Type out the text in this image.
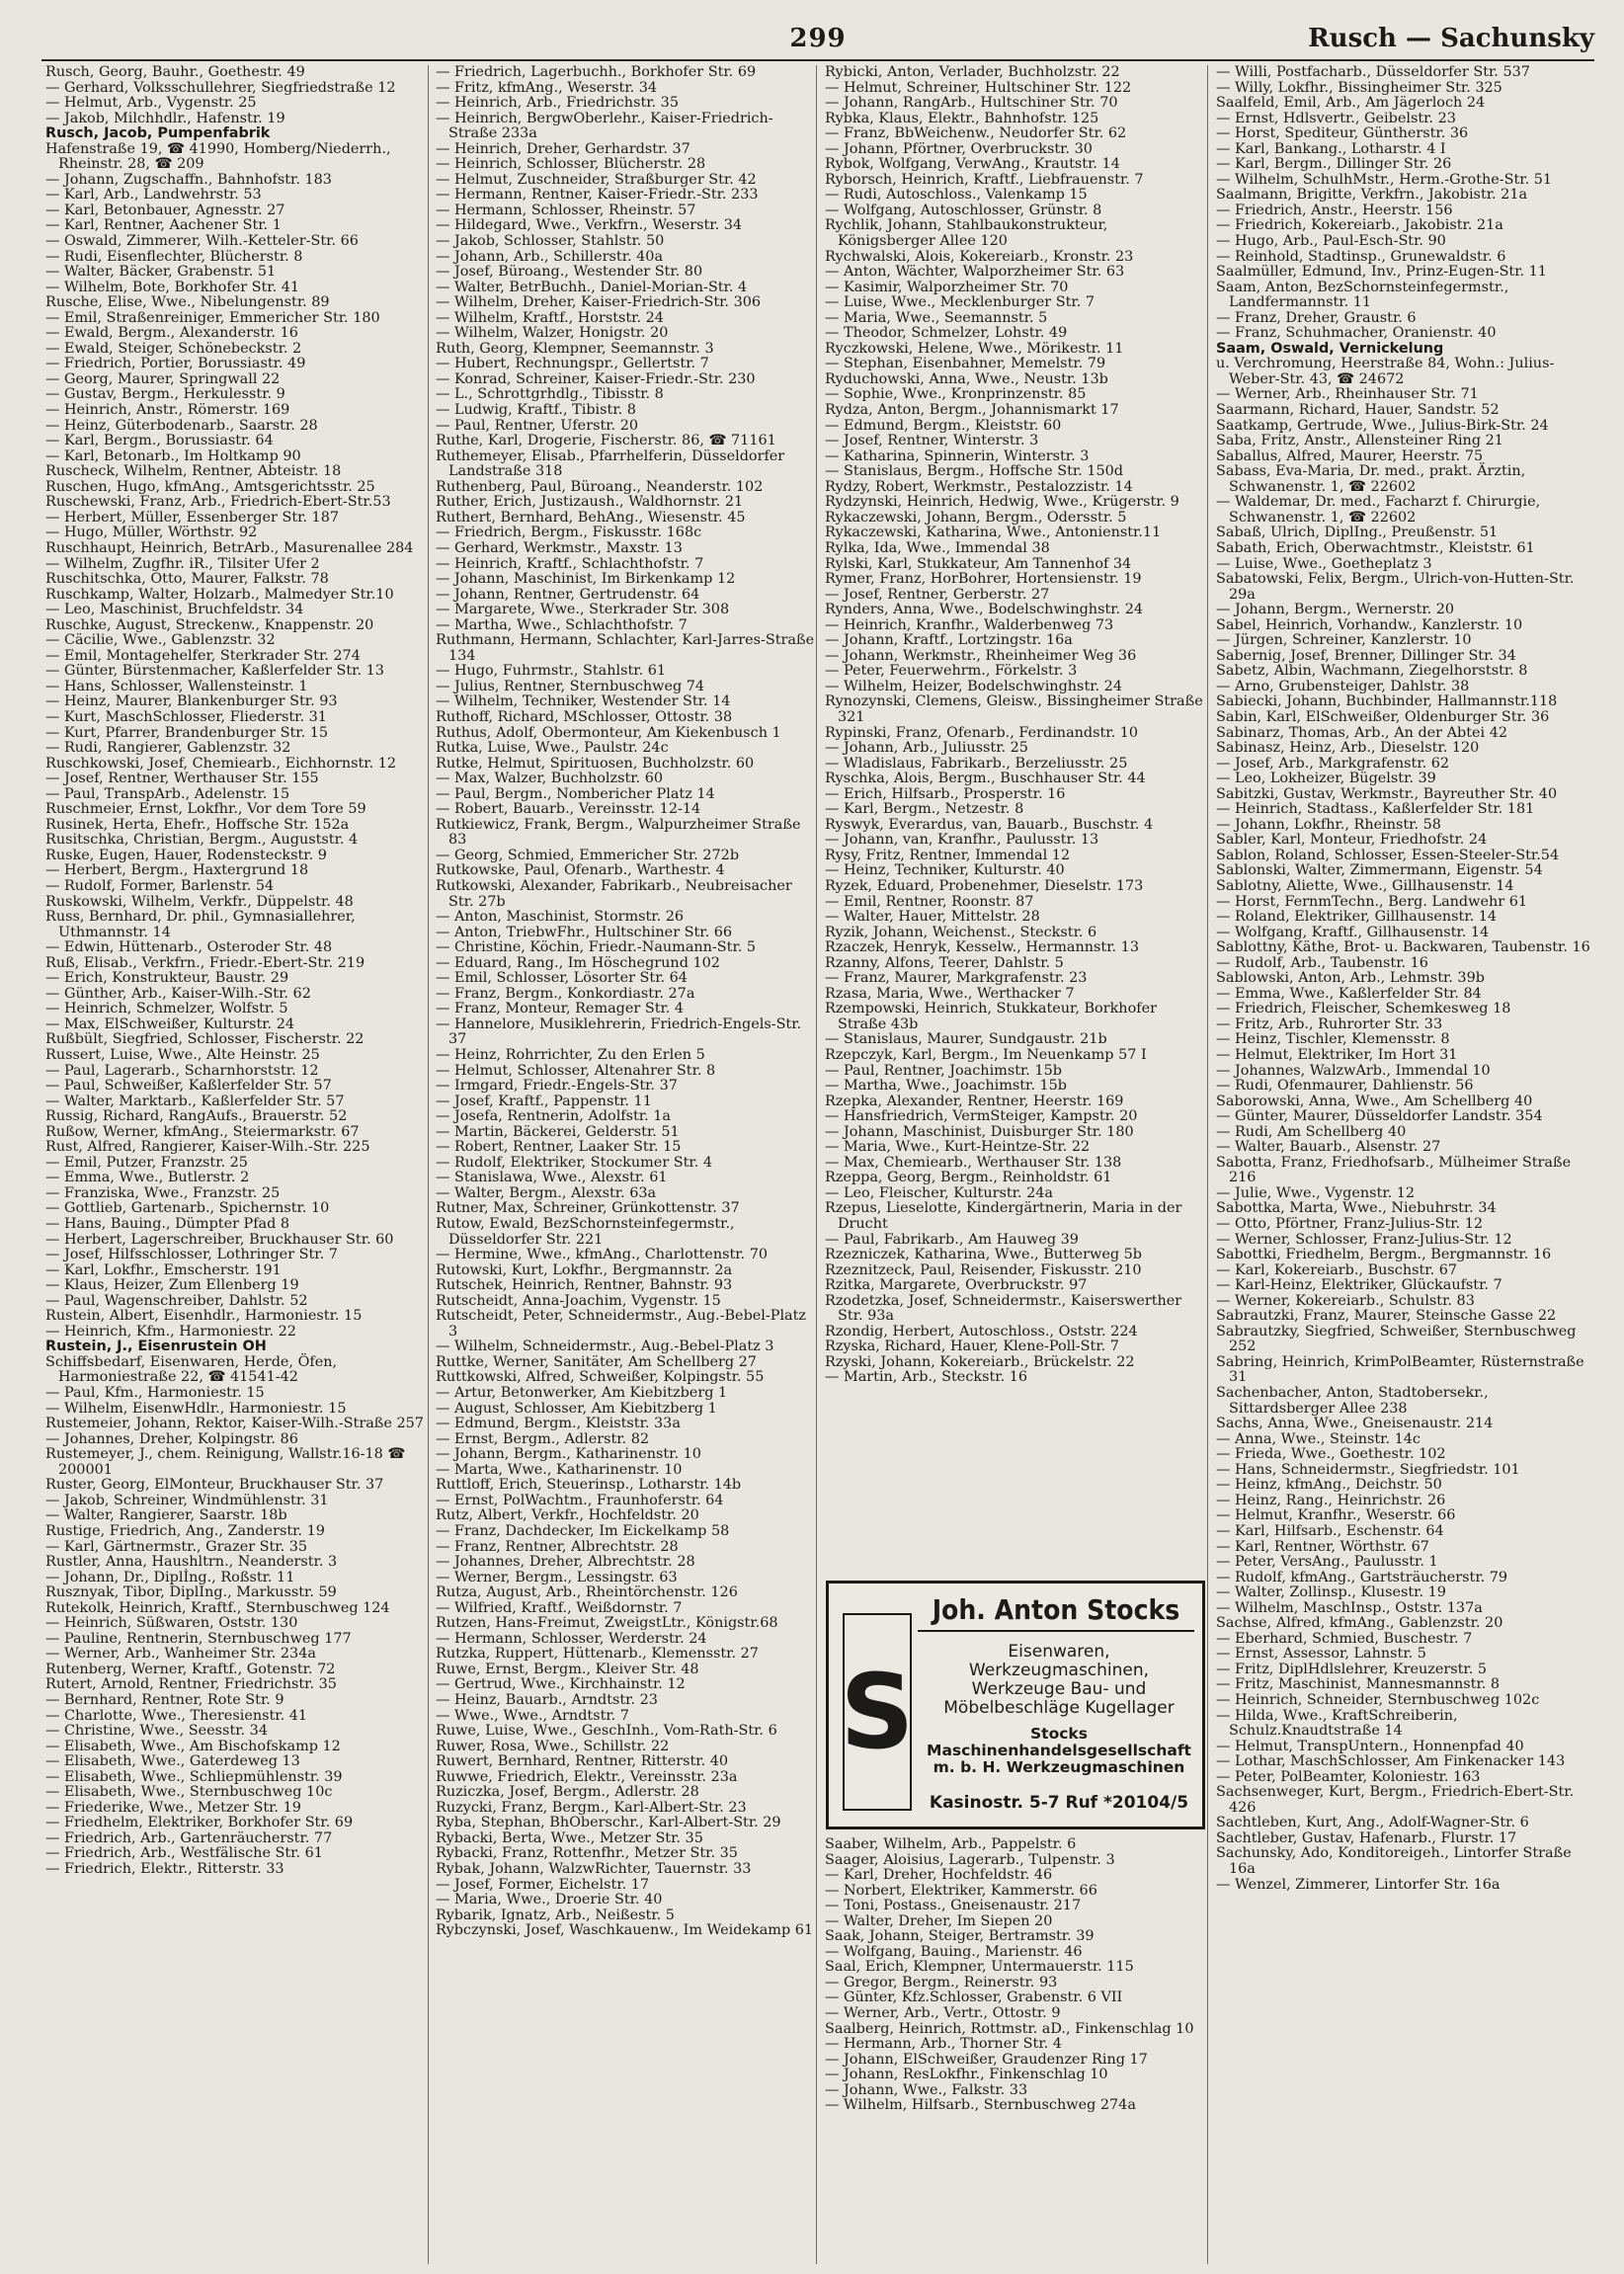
299	Rusch — Sachunsky
Rusch, Georg, Bauhr., Goethestr. 49
— Gerhard, Volksschullehrer, Siegfriedstraße 12
— Helmut, Arb., Vygenstr. 25
— Jakob, Milchhdlr., Hafenstr. 19
Rusch, Jacob, Pumpenfabrik
Hafenstraße 19, ☎ 41990, Homberg/Niederrh., Rheinstr. 28, ☎ 209
— Johann, Zugschaffn., Bahnhofstr. 183
— Karl, Arb., Landwehrstr. 53
— Karl, Betonbauer, Agnesstr. 27
— Karl, Rentner, Aachener Str. 1
— Oswald, Zimmerer, Wilh.-Ketteler-Str. 66
— Rudi, Eisenflechter, Blücherstr. 8
— Walter, Bäcker, Grabenstr. 51
— Wilhelm, Bote, Borkhofer Str. 41
Rusche, Elise, Wwe., Nibelungenstr. 89
— Emil, Straßenreiniger, Emmericher Str. 180
— Ewald, Bergm., Alexanderstr. 16
— Ewald, Steiger, Schönebeckstr. 2
— Friedrich, Portier, Borussiastr. 49
— Georg, Maurer, Springwall 22
— Gustav, Bergm., Herkulesstr. 9
— Heinrich, Anstr., Römerstr. 169
— Heinz, Güterbodenarb., Saarstr. 28
— Karl, Bergm., Borussiastr. 64
— Karl, Betonarb., Im Holtkamp 90
Ruscheck, Wilhelm, Rentner, Abteistr. 18
Ruschen, Hugo, kfmAng., Amtsgerichtsstr. 25
Ruschewski, Franz, Arb., Friedrich-Ebert-Str.53
— Herbert, Müller, Essenberger Str. 187
— Hugo, Müller, Wörthstr. 92
Ruschhaupt, Heinrich, BetrArb., Masurenallee 284
— Wilhelm, Zugfhr. iR., Tilsiter Ufer 2
Ruschitschka, Otto, Maurer, Falkstr. 78
Ruschkamp, Walter, Holzarb., Malmedyer Str.10
— Leo, Maschinist, Bruchfeldstr. 34
Ruschke, August, Streckenw., Knappenstr. 20
— Cäcilie, Wwe., Gablenzstr. 32
— Emil, Montagehelfer, Sterkrader Str. 274
— Günter, Bürstenmacher, Kaßlerfelder Str. 13
— Hans, Schlosser, Wallensteinstr. 1
— Heinz, Maurer, Blankenburger Str. 93
— Kurt, MaschSchlosser, Fliederstr. 31
— Kurt, Pfarrer, Brandenburger Str. 15
— Rudi, Rangierer, Gablenzstr. 32
Ruschkowski, Josef, Chemiearb., Eichhornstr. 12
— Josef, Rentner, Werthauser Str. 155
— Paul, TranspArb., Adelenstr. 15
Ruschmeier, Ernst, Lokfhr., Vor dem Tore 59
Rusinek, Herta, Ehefr., Hoffsche Str. 152a
Rusitschka, Christian, Bergm., Auguststr. 4
Ruske, Eugen, Hauer, Rodensteckstr. 9
— Herbert, Bergm., Haxtergrund 18
— Rudolf, Former, Barlenstr. 54
Ruskowski, Wilhelm, Verkfr., Düppelstr. 48
Russ, Bernhard, Dr. phil., Gymnasiallehrer, Uthmannstr. 14
— Edwin, Hüttenarb., Osteroder Str. 48
Ruß, Elisab., Verkfrn., Friedr.-Ebert-Str. 219
— Erich, Konstrukteur, Baustr. 29
— Günther, Arb., Kaiser-Wilh.-Str. 62
— Heinrich, Schmelzer, Wolfstr. 5
— Max, ElSchweißer, Kulturstr. 24
Rußbült, Siegfried, Schlosser, Fischerstr. 22
Russert, Luise, Wwe., Alte Heinstr. 25
— Paul, Lagerarb., Scharnhorststr. 12
— Paul, Schweißer, Kaßlerfelder Str. 57
— Walter, Marktarb., Kaßlerfelder Str. 57
Russig, Richard, RangAufs., Brauerstr. 52
Rußow, Werner, kfmAng., Steiermarkstr. 67
Rust, Alfred, Rangierer, Kaiser-Wilh.-Str. 225
— Emil, Putzer, Franzstr. 25
— Emma, Wwe., Butlerstr. 2
— Franziska, Wwe., Franzstr. 25
— Gottlieb, Gartenarb., Spichernstr. 10
— Hans, Bauing., Dümpter Pfad 8
— Herbert, Lagerschreiber, Bruckhauser Str. 60
— Josef, Hilfsschlosser, Lothringer Str. 7
— Karl, Lokfhr., Emscherstr. 191
— Klaus, Heizer, Zum Ellenberg 19
— Paul, Wagenschreiber, Dahlstr. 52
Rustein, Albert, Eisenhdlr., Harmoniestr. 15
— Heinrich, Kfm., Harmoniestr. 22
Rustein, J., Eisenrustein OH
Schiffsbedarf, Eisenwaren, Herde, Öfen, Harmoniestraße 22, ☎ 41541-42
— Paul, Kfm., Harmoniestr. 15
— Wilhelm, EisenwHdlr., Harmoniestr. 15
Rustemeier, Johann, Rektor, Kaiser-Wilh.-Straße 257
— Johannes, Dreher, Kolpingstr. 86
Rustemeyer, J., chem. Reinigung, Wallstr.16-18 ☎ 200001
Ruster, Georg, ElMonteur, Bruckhauser Str. 37
— Jakob, Schreiner, Windmühlenstr. 31
— Walter, Rangierer, Saarstr. 18b
Rustige, Friedrich, Ang., Zanderstr. 19
— Karl, Gärtnermstr., Grazer Str. 35
Rustler, Anna, Haushltrn., Neanderstr. 3
— Johann, Dr., Diplİng., Roßstr. 11
Rusznyak, Tibor, DiplIng., Markusstr. 59
Rutekolk, Heinrich, Kraftf., Sternbuschweg 124
— Heinrich, Süßwaren, Oststr. 130
— Pauline, Rentnerin, Sternbuschweg 177
— Werner, Arb., Wanheimer Str. 234a
Rutenberg, Werner, Kraftf., Gotenstr. 72
Rutert, Arnold, Rentner, Friedrichstr. 35
— Bernhard, Rentner, Rote Str. 9
— Charlotte, Wwe., Theresienstr. 41
— Christine, Wwe., Seesstr. 34
— Elisabeth, Wwe., Am Bischofskamp 12
— Elisabeth, Wwe., Gaterdeweg 13
— Elisabeth, Wwe., Schliepmühlenstr. 39
— Elisabeth, Wwe., Sternbuschweg 10c
— Friederike, Wwe., Metzer Str. 19
— Friedhelm, Elektriker, Borkhofer Str. 69
— Friedrich, Arb., Gartenräucherstr. 77
— Friedrich, Arb., Westfälische Str. 61
— Friedrich, Elektr., Ritterstr. 33
— Friedrich, Lagerbuchh., Borkhofer Str. 69
— Fritz, kfmAng., Weserstr. 34
— Heinrich, Arb., Friedrichstr. 35
— Heinrich, BergwOberlehr., Kaiser-Friedrich-Straße 233a
— Heinrich, Dreher, Gerhardstr. 37
— Heinrich, Schlosser, Blücherstr. 28
— Helmut, Zuschneider, Straßburger Str. 42
— Hermann, Rentner, Kaiser-Friedr.-Str. 233
— Hermann, Schlosser, Rheinstr. 57
— Hildegard, Wwe., Verkfrn., Weserstr. 34
— Jakob, Schlosser, Stahlstr. 50
— Johann, Arb., Schillerstr. 40a
— Josef, Büroang., Westender Str. 80
— Walter, BetrBuchh., Daniel-Morian-Str. 4
— Wilhelm, Dreher, Kaiser-Friedrich-Str. 306
— Wilhelm, Kraftf., Horststr. 24
— Wilhelm, Walzer, Honigstr. 20
Ruth, Georg, Klempner, Seemannstr. 3
— Hubert, Rechnungspr., Gellertstr. 7
— Konrad, Schreiner, Kaiser-Friedr.-Str. 230
— L., Schrottgrhdlg., Tibisstr. 8
— Ludwig, Kraftf., Tibistr. 8
— Paul, Rentner, Uferstr. 20
Ruthe, Karl, Drogerie, Fischerstr. 86, ☎ 71161
Ruthemeyer, Elisab., Pfarrhelferin, Düsseldorfer Landstraße 318
Ruthenberg, Paul, Büroang., Neanderstr. 102
Ruther, Erich, Justizaush., Waldhornstr. 21
Ruthert, Bernhard, BehAng., Wiesenstr. 45
— Friedrich, Bergm., Fiskusstr. 168c
— Gerhard, Werkmstr., Maxstr. 13
— Heinrich, Kraftf., Schlachthofstr. 7
— Johann, Maschinist, Im Birkenkamp 12
— Johann, Rentner, Gertrudenstr. 64
— Margarete, Wwe., Sterkrader Str. 308
— Martha, Wwe., Schlachthofstr. 7
Ruthmann, Hermann, Schlachter, Karl-Jarres-Straße 134
— Hugo, Fuhrmstr., Stahlstr. 61
— Julius, Rentner, Sternbuschweg 74
— Wilhelm, Techniker, Westender Str. 14
Ruthoff, Richard, MSchlosser, Ottostr. 38
Ruthus, Adolf, Obermonteur, Am Kiekenbusch 1
Rutka, Luise, Wwe., Paulstr. 24c
Rutke, Helmut, Spirituosen, Buchholzstr. 60
— Max, Walzer, Buchholzstr. 60
— Paul, Bergm., Nombericher Platz 14
— Robert, Bauarb., Vereinsstr. 12-14
Rutkiewicz, Frank, Bergm., Walpurzheimer Straße 83
— Georg, Schmied, Emmericher Str. 272b
Rutkowske, Paul, Ofenarb., Warthestr. 4
Rutkowski, Alexander, Fabrikarb., Neubreisacher Str. 27b
— Anton, Maschinist, Stormstr. 26
— Anton, TriebwFhr., Hultschiner Str. 66
— Christine, Köchin, Friedr.-Naumann-Str. 5
— Eduard, Rang., Im Höschegrund 102
— Emil, Schlosser, Lösorter Str. 64
— Franz, Bergm., Konkordiastr. 27a
— Franz, Monteur, Remager Str. 4
— Hannelore, Musiklehrerin, Friedrich-Engels-Str. 37
— Heinz, Rohrrichter, Zu den Erlen 5
— Helmut, Schlosser, Altenahrer Str. 8
— Irmgard, Friedr.-Engels-Str. 37
— Josef, Kraftf., Pappenstr. 11
— Josefa, Rentnerin, Adolfstr. 1a
— Martin, Bäckerei, Gelderstr. 51
— Robert, Rentner, Laaker Str. 15
— Rudolf, Elektriker, Stockumer Str. 4
— Stanislawa, Wwe., Alexstr. 61
— Walter, Bergm., Alexstr. 63a
Rutner, Max, Schreiner, Grünkottenstr. 37
Rutow, Ewald, BezSchornsteinfegermstr., Düsseldorfer Str. 221
— Hermine, Wwe., kfmAng., Charlottenstr. 70
Rutowski, Kurt, Lokfhr., Bergmannstr. 2a
Rutschek, Heinrich, Rentner, Bahnstr. 93
Rutscheidt, Anna-Joachim, Vygenstr. 15
Rutscheidt, Peter, Schneidermstr., Aug.-Bebel-Platz 3
— Wilhelm, Schneidermstr., Aug.-Bebel-Platz 3
Ruttke, Werner, Sanitäter, Am Schellberg 27
Ruttkowski, Alfred, Schweißer, Kolpingstr. 55
— Artur, Betonwerker, Am Kiebitzberg 1
— August, Schlosser, Am Kiebitzberg 1
— Edmund, Bergm., Kleiststr. 33a
— Ernst, Bergm., Adlerstr. 82
— Johann, Bergm., Katharinenstr. 10
— Marta, Wwe., Katharinenstr. 10
Ruttloff, Erich, Steuerinsp., Lotharstr. 14b
— Ernst, PolWachtm., Fraunhoferstr. 64
Rutz, Albert, Verkfr., Hochfeldstr. 20
— Franz, Dachdecker, Im Eickelkamp 58
— Franz, Rentner, Albrechtstr. 28
— Johannes, Dreher, Albrechtstr. 28
— Werner, Bergm., Lessingstr. 63
Rutza, August, Arb., Rheintörchenstr. 126
— Wilfried, Kraftf., Weißdornstr. 7
Rutzen, Hans-Freimut, ZweigstLtr., Königstr.68
— Hermann, Schlosser, Werderstr. 24
Rutzka, Ruppert, Hüttenarb., Klemensstr. 27
Ruwe, Ernst, Bergm., Kleiver Str. 48
— Gertrud, Wwe., Kirchhainstr. 12
— Heinz, Bauarb., Arndtstr. 23
— Wwe., Wwe., Arndtstr. 7
Ruwe, Luise, Wwe., GeschInh., Vom-Rath-Str. 6
Ruwer, Rosa, Wwe., Schillstr. 22
Ruwert, Bernhard, Rentner, Ritterstr. 40
Ruwwe, Friedrich, Elektr., Vereinsstr. 23a
Ruziczka, Josef, Bergm., Adlerstr. 28
Ruzycki, Franz, Bergm., Karl-Albert-Str. 23
Ryba, Stephan, BhOberschr., Karl-Albert-Str. 29
Rybacki, Berta, Wwe., Metzer Str. 35
Rybacki, Franz, Rottenfhr., Metzer Str. 35
Rybak, Johann, WalzwRichter, Tauernstr. 33
— Josef, Former, Eichelstr. 17
— Maria, Wwe., Droerie Str. 40
Rybarik, Ignatz, Arb., Neißestr. 5
Rybczynski, Josef, Waschkauenw., Im Weidekamp 61
Rybicki, Anton, Verlader, Buchholzstr. 22
— Helmut, Schreiner, Hultschiner Str. 122
— Johann, RangArb., Hultschiner Str. 70
Rybka, Klaus, Elektr., Bahnhofstr. 125
— Franz, BbWeichenw., Neudorfer Str. 62
— Johann, Pförtner, Overbruckstr. 30
Rybok, Wolfgang, VerwAng., Krautstr. 14
Ryborsch, Heinrich, Kraftf., Liebfrauenstr. 7
— Rudi, Autoschloss., Valenkamp 15
— Wolfgang, Autoschlosser, Grünstr. 8
Rychlik, Johann, Stahlbaukonstrukteur, Königsberger Allee 120
Rychwalski, Alois, Kokereiarb., Kronstr. 23
— Anton, Wächter, Walporzheimer Str. 63
— Kasimir, Walporzheimer Str. 70
— Luise, Wwe., Mecklenburger Str. 7
— Maria, Wwe., Seemannstr. 5
— Theodor, Schmelzer, Lohstr. 49
Ryczkowski, Helene, Wwe., Mörikestr. 11
— Stephan, Eisenbahner, Memelstr. 79
Ryduchowski, Anna, Wwe., Neustr. 13b
— Sophie, Wwe., Kronprinzenstr. 85
Rydza, Anton, Bergm., Johannismarkt 17
— Edmund, Bergm., Kleiststr. 60
— Josef, Rentner, Winterstr. 3
— Katharina, Spinnerin, Winterstr. 3
— Stanislaus, Bergm., Hoffsche Str. 150d
Rydzy, Robert, Werkmstr., Pestalozzistr. 14
Rydzynski, Heinrich, Hedwig, Wwe., Krügerstr. 9
Rykaczewski, Johann, Bergm., Odersstr. 5
Rykaczewski, Katharina, Wwe., Antonienstr.11
Rylka, Ida, Wwe., Immendal 38
Rylski, Karl, Stukkateur, Am Tannenhof 34
Rymer, Franz, HorBohrer, Hortensienstr. 19
— Josef, Rentner, Gerberstr. 27
Rynders, Anna, Wwe., Bodelschwinghstr. 24
— Heinrich, Kranfhr., Walderbenweg 73
— Johann, Kraftf., Lortzingstr. 16a
— Johann, Werkmstr., Rheinheimer Weg 36
— Peter, Feuerwehrm., Förkelstr. 3
— Wilhelm, Heizer, Bodelschwinghstr. 24
Rynozynski, Clemens, Gleisw., Bissingheimer Straße 321
Rypinski, Franz, Ofenarb., Ferdinandstr. 10
— Johann, Arb., Juliusstr. 25
— Wladislaus, Fabrikarb., Berzeliusstr. 25
Ryschka, Alois, Bergm., Buschhauser Str. 44
— Erich, Hilfsarb., Prosperstr. 16
— Karl, Bergm., Netzestr. 8
Ryswyk, Everardus, van, Bauarb., Buschstr. 4
— Johann, van, Kranfhr., Paulusstr. 13
Rysy, Fritz, Rentner, Immendal 12
— Heinz, Techniker, Kulturstr. 40
Ryzek, Eduard, Probenehmer, Dieselstr. 173
— Emil, Rentner, Roonstr. 87
— Walter, Hauer, Mittelstr. 28
Ryzik, Johann, Weichenst., Steckstr. 6
Rzaczek, Henryk, Kesselw., Hermannstr. 13
Rzanny, Alfons, Teerer, Dahlstr. 5
— Franz, Maurer, Markgrafenstr. 23
Rzasa, Maria, Wwe., Werthacker 7
Rzempowski, Heinrich, Stukkateur, Borkhofer Straße 43b
— Stanislaus, Maurer, Sundgaustr. 21b
Rzepczyk, Karl, Bergm., Im Neuenkamp 57 I
— Paul, Rentner, Joachimstr. 15b
— Martha, Wwe., Joachimstr. 15b
Rzepka, Alexander, Rentner, Heerstr. 169
— Hansfriedrich, VermSteiger, Kampstr. 20
— Johann, Maschinist, Duisburger Str. 180
— Maria, Wwe., Kurt-Heintze-Str. 22
— Max, Chemiearb., Werthauser Str. 138
Rzeppa, Georg, Bergm., Reinholdstr. 61
— Leo, Fleischer, Kulturstr. 24a
Rzepus, Lieselotte, Kindergärtnerin, Maria in der Drucht
— Paul, Fabrikarb., Am Hauweg 39
Rzezniczek, Katharina, Wwe., Butterweg 5b
Rzeznitzeck, Paul, Reisender, Fiskusstr. 210
Rzitka, Margarete, Overbruckstr. 97
Rzodetzka, Josef, Schneidermstr., Kaiserswerther Str. 93a
Rzondig, Herbert, Autoschloss., Oststr. 224
Rzyska, Richard, Hauer, Klene-Poll-Str. 7
Rzyski, Johann, Kokereiarb., Brückelstr. 22
— Martin, Arb., Steckstr. 16
Saaber, Wilhelm, Arb., Pappelstr. 6
Saager, Aloisius, Lagerarb., Tulpenstr. 3
— Karl, Dreher, Hochfeldstr. 46
— Norbert, Elektriker, Kammerstr. 66
— Toni, Postass., Gneisenaustr. 217
— Walter, Dreher, Im Siepen 20
Saak, Johann, Steiger, Bertramstr. 39
— Wolfgang, Bauing., Marienstr. 46
Saal, Erich, Klempner, Untermauerstr. 115
— Gregor, Bergm., Reinerstr. 93
— Günter, Kfz.Schlosser, Grabenstr. 6 VII
— Werner, Arb., Vertr., Ottostr. 9
Saalberg, Heinrich, Rottmstr. aD., Finkenschlag 10
— Hermann, Arb., Thorner Str. 4
— Johann, ElSchweißer, Graudenzer Ring 17
— Johann, ResLokfhr., Finkenschlag 10
— Johann, Wwe., Falkstr. 33
— Wilhelm, Hilfsarb., Sternbuschweg 274a
— Willi, Postfacharb., Düsseldorfer Str. 537
— Willy, Lokfhr., Bissingheimer Str. 325
Saalfeld, Emil, Arb., Am Jägerloch 24
— Ernst, Hdlsvertr., Geibelstr. 23
— Horst, Spediteur, Güntherstr. 36
— Karl, Bankang., Lotharstr. 4 I
— Karl, Bergm., Dillinger Str. 26
— Wilhelm, SchulhMstr., Herm.-Grothe-Str. 51
Saalmann, Brigitte, Verkfrn., Jakobistr. 21a
— Friedrich, Anstr., Heerstr. 156
— Friedrich, Kokereiarb., Jakobistr. 21a
— Hugo, Arb., Paul-Esch-Str. 90
— Reinhold, Stadtinsp., Grunewaldstr. 6
Saalmüller, Edmund, Inv., Prinz-Eugen-Str. 11
Saam, Anton, BezSchornsteinfegermstr., Landfermannstr. 11
— Franz, Dreher, Graustr. 6
— Franz, Schuhmacher, Oranienstr. 40
Saam, Oswald, Vernickelung
u. Verchromung, Heerstraße 84, Wohn.: Julius-Weber-Str. 43, ☎ 24672
— Werner, Arb., Rheinhauser Str. 71
Saarmann, Richard, Hauer, Sandstr. 52
Saatkamp, Gertrude, Wwe., Julius-Birk-Str. 24
Saba, Fritz, Anstr., Allensteiner Ring 21
Saballus, Alfred, Maurer, Heerstr. 75
Sabass, Eva-Maria, Dr. med., prakt. Ärztin, Schwanenstr. 1, ☎ 22602
— Waldemar, Dr. med., Facharzt f. Chirurgie, Schwanenstr. 1, ☎ 22602
Sabaß, Ulrich, DiplIng., Preußenstr. 51
Sabath, Erich, Oberwachtmstr., Kleiststr. 61
— Luise, Wwe., Goetheplatz 3
Sabatowski, Felix, Bergm., Ulrich-von-Hutten-Str. 29a
— Johann, Bergm., Wernerstr. 20
Sabel, Heinrich, Vorhandw., Kanzlerstr. 10
— Jürgen, Schreiner, Kanzlerstr. 10
Sabernig, Josef, Brenner, Dillinger Str. 34
Sabetz, Albin, Wachmann, Ziegelhorststr. 8
— Arno, Grubensteiger, Dahlstr. 38
Sabiecki, Johann, Buchbinder, Hallmannstr.118
Sabin, Karl, ElSchweißer, Oldenburger Str. 36
Sabinarz, Thomas, Arb., An der Abtei 42
Sabinasz, Heinz, Arb., Dieselstr. 120
— Josef, Arb., Markgrafenstr. 62
— Leo, Lokheizer, Bügelstr. 39
Sabitzki, Gustav, Werkmstr., Bayreuther Str. 40
— Heinrich, Stadtass., Kaßlerfelder Str. 181
— Johann, Lokfhr., Rheinstr. 58
Sabler, Karl, Monteur, Friedhofstr. 24
Sablon, Roland, Schlosser, Essen-Steeler-Str.54
Sablonski, Walter, Zimmermann, Eigenstr. 54
Sablotny, Aliette, Wwe., Gillhausenstr. 14
— Horst, FernmTechn., Berg. Landwehr 61
— Roland, Elektriker, Gillhausenstr. 14
— Wolfgang, Kraftf., Gillhausenstr. 14
Sablottny, Käthe, Brot- u. Backwaren, Taubenstr. 16
— Rudolf, Arb., Taubenstr. 16
Sablowski, Anton, Arb., Lehmstr. 39b
— Emma, Wwe., Kaßlerfelder Str. 84
— Friedrich, Fleischer, Schemkesweg 18
— Fritz, Arb., Ruhrorter Str. 33
— Heinz, Tischler, Klemensstr. 8
— Helmut, Elektriker, Im Hort 31
— Johannes, WalzwArb., Immendal 10
— Rudi, Ofenmaurer, Dahlienstr. 56
Saborowski, Anna, Wwe., Am Schellberg 40
— Günter, Maurer, Düsseldorfer Landstr. 354
— Rudi, Am Schellberg 40
— Walter, Bauarb., Alsenstr. 27
Sabotta, Franz, Friedhofsarb., Mülheimer Straße 216
— Julie, Wwe., Vygenstr. 12
Sabottka, Marta, Wwe., Niebuhrstr. 34
— Otto, Pförtner, Franz-Julius-Str. 12
— Werner, Schlosser, Franz-Julius-Str. 12
Sabottki, Friedhelm, Bergm., Bergmannstr. 16
— Karl, Kokereiarb., Buschstr. 67
— Karl-Heinz, Elektriker, Glückaufstr. 7
— Werner, Kokereiarb., Schulstr. 83
Sabrautzki, Franz, Maurer, Steinsche Gasse 22
Sabrautzky, Siegfried, Schweißer, Sternbuschweg 252
Sabring, Heinrich, KrimPolBeamter, Rüsternstraße 31
Sachenbacher, Anton, Stadtobersekr., Sittardsberger Allee 238
Sachs, Anna, Wwe., Gneisenaustr. 214
— Anna, Wwe., Steinstr. 14c
— Frieda, Wwe., Goethestr. 102
— Hans, Schneidermstr., Siegfriedstr. 101
— Heinz, kfmAng., Deichstr. 50
— Heinz, Rang., Heinrichstr. 26
— Helmut, Kranfhr., Weserstr. 66
— Karl, Hilfsarb., Eschenstr. 64
— Karl, Rentner, Wörthstr. 67
— Peter, VersAng., Paulusstr. 1
— Rudolf, kfmAng., Gartsträucherstr. 79
— Walter, Zollinsp., Klusestr. 19
— Wilhelm, MaschInsp., Oststr. 137a
Sachse, Alfred, kfmAng., Gablenzstr. 20
— Eberhard, Schmied, Buschestr. 7
— Ernst, Assessor, Lahnstr. 5
— Fritz, DiplHdlslehrer, Kreuzerstr. 5
— Fritz, Maschinist, Mannesmannstr. 8
— Heinrich, Schneider, Sternbuschweg 102c
— Hilda, Wwe., KraftSchreiberin, Schulz.Knaudtstraße 14
— Helmut, TranspUntern., Honnenpfad 40
— Lothar, MaschSchlosser, Am Finkenacker 143
— Peter, PolBeamter, Koloniestr. 163
Sachsenweger, Kurt, Bergm., Friedrich-Ebert-Str. 426
Sachtleben, Kurt, Ang., Adolf-Wagner-Str. 6
Sachtleber, Gustav, Hafenarb., Flurstr. 17
Sachunsky, Ado, Konditoreigeh., Lintorfer Straße 16a
— Wenzel, Zimmerer, Lintorfer Str. 16a
S
Joh. Anton Stocks
Eisenwaren, Werkzeugmaschinen, Werkzeuge Bau- und Möbelbeschläge Kugellager
Stocks Maschinenhandelsgesellschaft m. b. H. Werkzeugmaschinen
Kasinostr. 5-7 Ruf *20104/5
